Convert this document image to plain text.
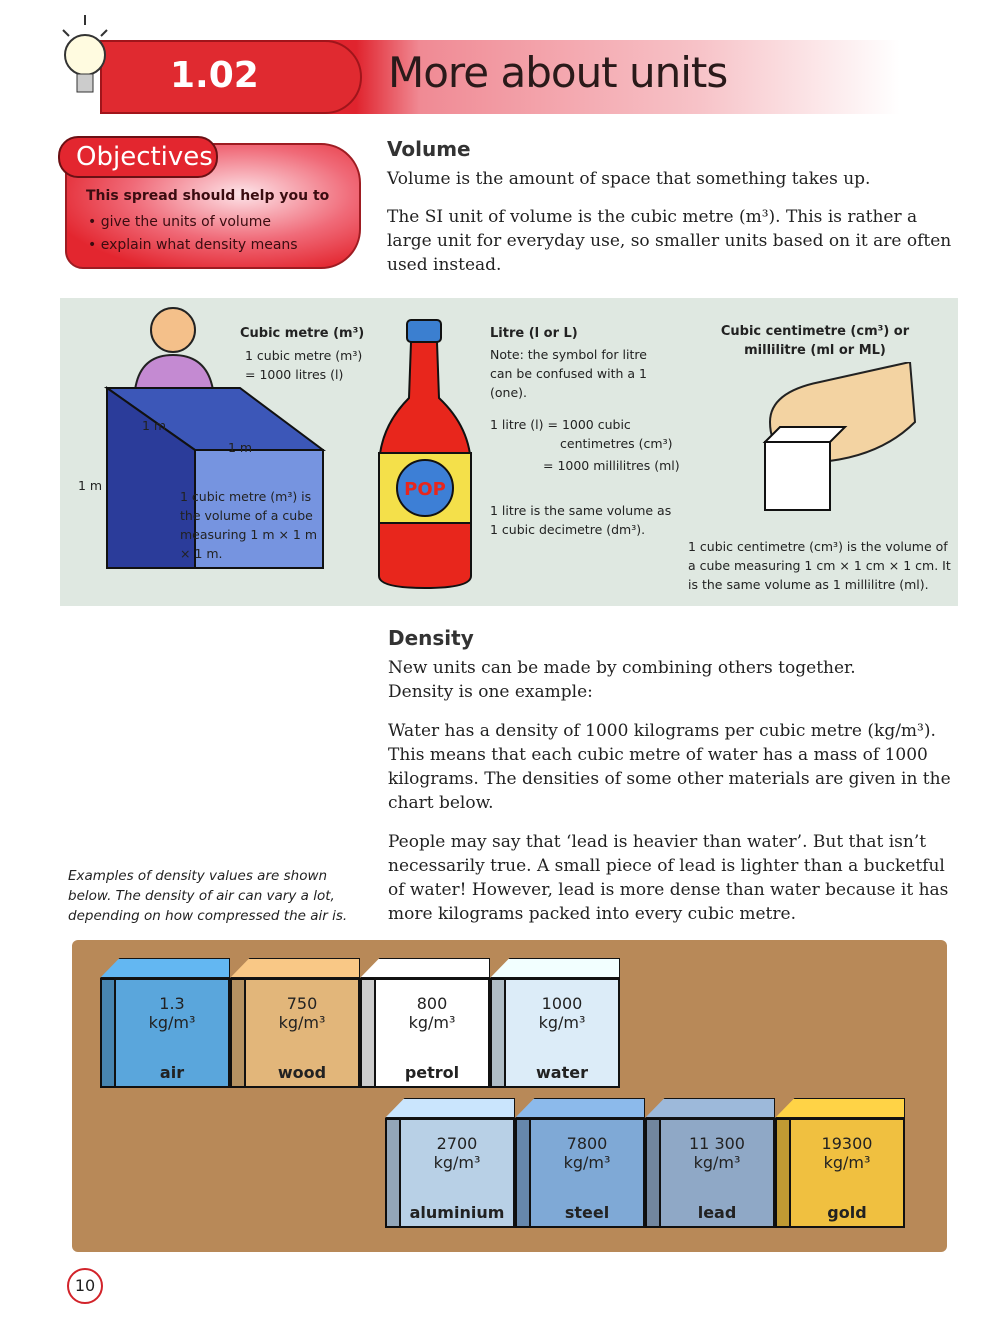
1.02	More about units
Objectives
This spread should help you to
• give the units of volume
• explain what density means
Volume
Volume is the amount of space that something takes up.
The SI unit of volume is the cubic metre (m³). This is rather a large unit for everyday use, so smaller units based on it are often used instead.
1 m
1 m
1 m
Cubic metre (m³)
1 cubic metre (m³)
= 1000 litres (l)
1 cubic metre (m³) is the volume of a cube measuring 1 m × 1 m × 1 m.
POP
Litre (l or L)
Note: the symbol for litre can be confused with a 1 (one).
1 litre (l) = 1000 cubic
centimetres (cm³)
= 1000 millilitres (ml)
1 litre is the same volume as 1 cubic decimetre (dm³).
Cubic centimetre (cm³) or millilitre (ml or ML)
1 cubic centimetre (cm³) is the volume of a cube measuring 1 cm × 1 cm × 1 cm. It is the same volume as 1 millilitre (ml).
Density
New units can be made by combining others together. Density is one example:
Water has a density of 1000 kilograms per cubic metre (kg/m³). This means that each cubic metre of water has a mass of 1000 kilograms. The densities of some other materials are given in the chart below.
People may say that ‘lead is heavier than water’. But that isn’t necessarily true. A small piece of lead is lighter than a bucketful of water! However, lead is more dense than water because it has more kilograms packed into every cubic metre.
Examples of density values are shown below. The density of air can vary a lot, depending on how compressed the air is.
1.3
kg/m³
air
750
kg/m³
wood
800
kg/m³
petrol
1000
kg/m³
water
2700
kg/m³
aluminium
7800
kg/m³
steel
11 300
kg/m³
lead
19300
kg/m³
gold
10
